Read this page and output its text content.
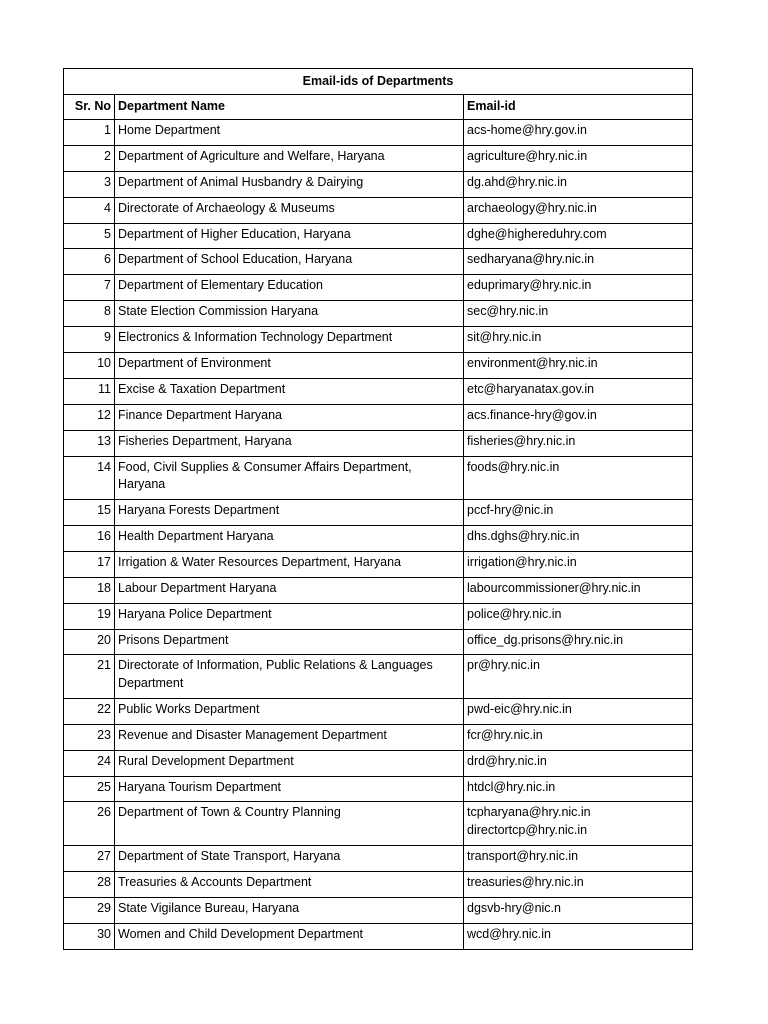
Email-ids of Departments		
Sr. No	Department Name	Email-id
1	Home Department	acs-home@hry.gov.in

2	Department of Agriculture and Welfare, Haryana	agriculture@hry.nic.in

3	Department of Animal Husbandry & Dairying	dg.ahd@hry.nic.in

4	Directorate of Archaeology & Museums	archaeology@hry.nic.in

5	Department of Higher Education, Haryana	dghe@highereduhry.com

6	Department of School Education, Haryana	sedharyana@hry.nic.in

7	Department of Elementary Education	eduprimary@hry.nic.in

8	State Election Commission Haryana	sec@hry.nic.in

9	Electronics & Information Technology Department	sit@hry.nic.in

10	Department of Environment	environment@hry.nic.in

11	Excise & Taxation Department	etc@haryanatax.gov.in

12	Finance Department Haryana	acs.finance-hry@gov.in

13	Fisheries Department, Haryana	fisheries@hry.nic.in

14	Food, Civil Supplies & Consumer Affairs Department, Haryana	foods@hry.nic.in

15	Haryana Forests Department	pccf-hry@nic.in

16	Health Department Haryana	dhs.dghs@hry.nic.in

17	Irrigation & Water Resources Department, Haryana	irrigation@hry.nic.in

18	Labour Department Haryana	labourcommissioner@hry.nic.in

19	Haryana Police Department	police@hry.nic.in

20	Prisons Department	office_dg.prisons@hry.nic.in

21	Directorate of Information, Public Relations & Languages Department	pr@hry.nic.in

22	Public Works Department	pwd-eic@hry.nic.in

23	Revenue and Disaster Management Department	fcr@hry.nic.in

24	Rural Development Department	drd@hry.nic.in

25	Haryana Tourism Department	htdcl@hry.nic.in

26	Department of Town & Country Planning	tcpharyana@hry.nic.in
directortcp@hry.nic.in

27	Department of State Transport, Haryana	transport@hry.nic.in

28	Treasuries & Accounts Department	treasuries@hry.nic.in

29	State Vigilance Bureau, Haryana	dgsvb-hry@nic.n

30	Women and Child Development Department	wcd@hry.nic.in
